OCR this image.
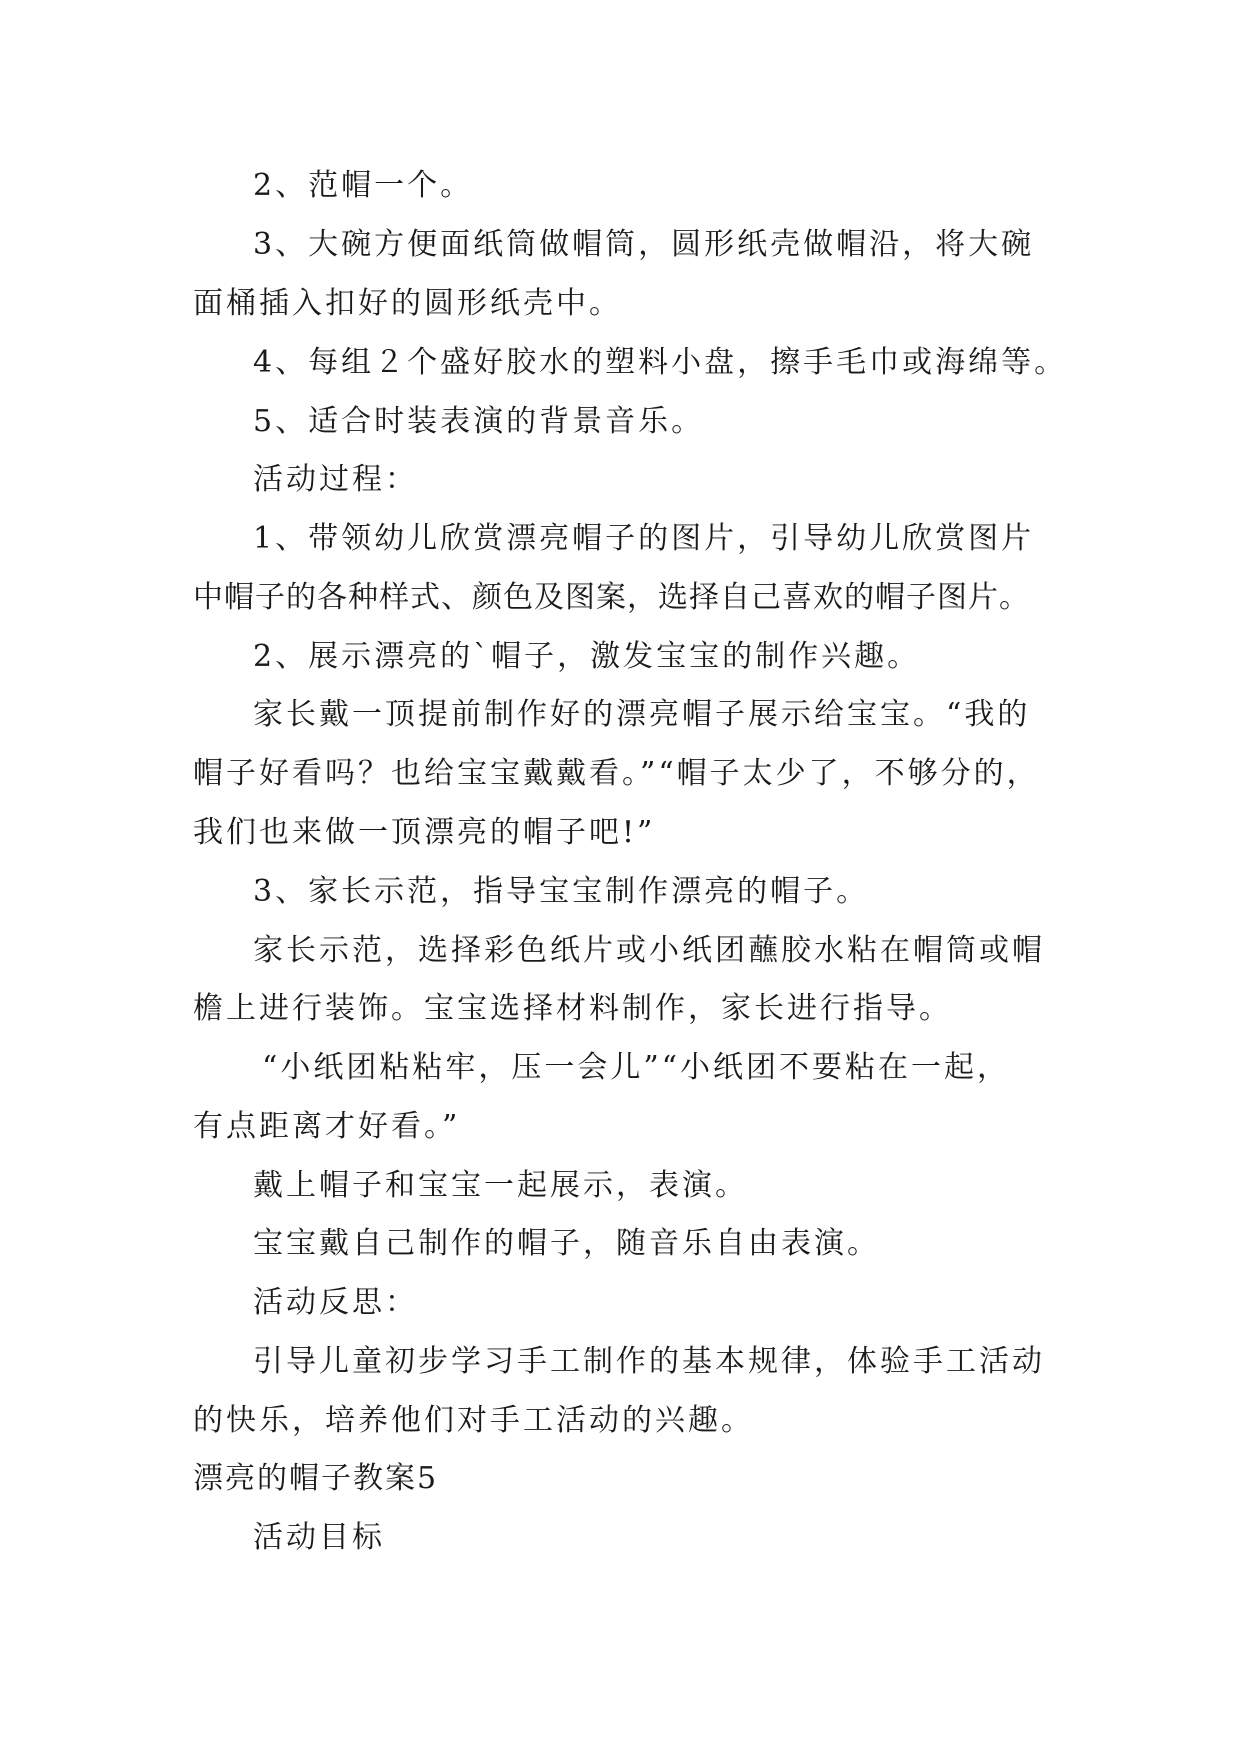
2、范帽一个。
3、大碗方便面纸筒做帽筒，圆形纸壳做帽沿，将大碗
面桶插入扣好的圆形纸壳中。
4、每组２个盛好胶水的塑料小盘，擦手毛巾或海绵等。
5、适合时装表演的背景音乐。
活动过程：
1、带领幼儿欣赏漂亮帽子的图片，引导幼儿欣赏图片
中帽子的各种样式、颜色及图案，选择自己喜欢的帽子图片。
2、展示漂亮的`帽子，激发宝宝的制作兴趣。
家长戴一顶提前制作好的漂亮帽子展示给宝宝。“我的
帽子好看吗？也给宝宝戴戴看。”“帽子太少了，不够分的，
我们也来做一顶漂亮的帽子吧!”
3、家长示范，指导宝宝制作漂亮的帽子。
家长示范，选择彩色纸片或小纸团蘸胶水粘在帽筒或帽
檐上进行装饰。宝宝选择材料制作，家长进行指导。
“小纸团粘粘牢，压一会儿”“小纸团不要粘在一起，
有点距离才好看。”
戴上帽子和宝宝一起展示，表演。
宝宝戴自己制作的帽子，随音乐自由表演。
活动反思：
引导儿童初步学习手工制作的基本规律，体验手工活动
的快乐，培养他们对手工活动的兴趣。
漂亮的帽子教案5
活动目标
